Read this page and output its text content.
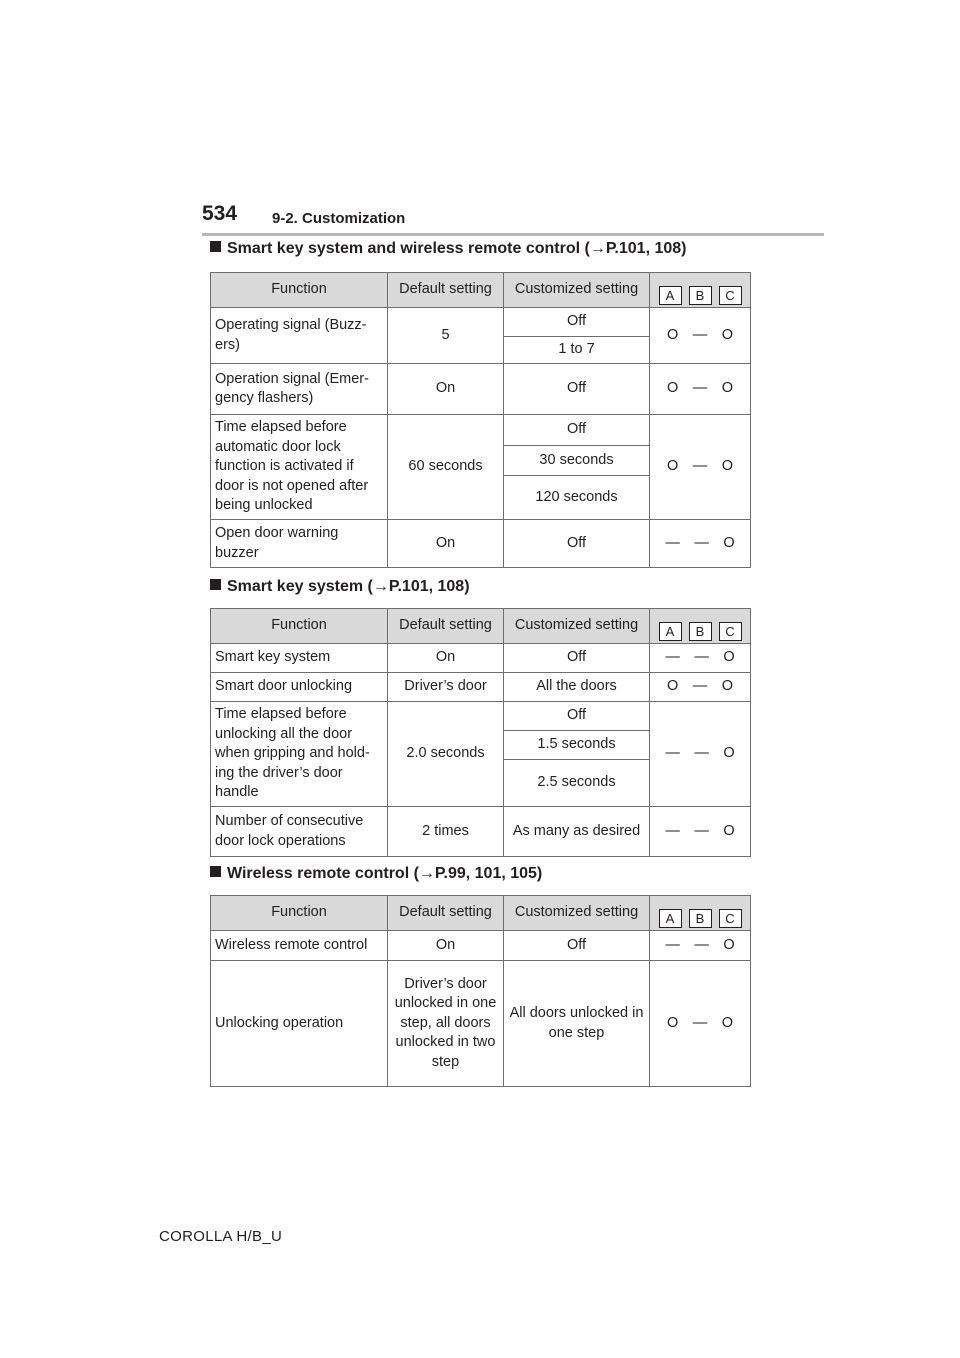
534 9-2. Customization
Smart key system and wireless remote control (→P.101, 108)
Function	Default setting	Customized setting	A B C

Operating signal (Buzz-ers)	5	Off	O　 —　 O
		1 to 7	
Operation signal (Emer-gency flashers)	On	Off	O　 —　 O
Time elapsed before automatic door lock function is activated if door is not opened after being unlocked	60 seconds	Off	O　 —　 O
		30 seconds	
		120 seconds	
Open door warning buzzer	On	Off	—　 —　 O
Smart key system (→P.101, 108)
Function	Default setting	Customized setting	A B C

Smart key system	On	Off	—　 —　 O
Smart door unlocking	Driver’s door	All the doors	O　 —　 O
Time elapsed before unlocking all the door when gripping and hold-ing the driver’s door handle	2.0 seconds	Off	—　 —　 O
		1.5 seconds	
		2.5 seconds	
Number of consecutive door lock operations	2 times	As many as desired	—　 —　 O
Wireless remote control (→P.99, 101, 105)
Function	Default setting	Customized setting	A B C

Wireless remote control	On	Off	—　 —　 O
Unlocking operation	Driver’s door unlocked in one step, all doors unlocked in two step	All doors unlocked in one step	O　 —　 O
COROLLA H/B_U
